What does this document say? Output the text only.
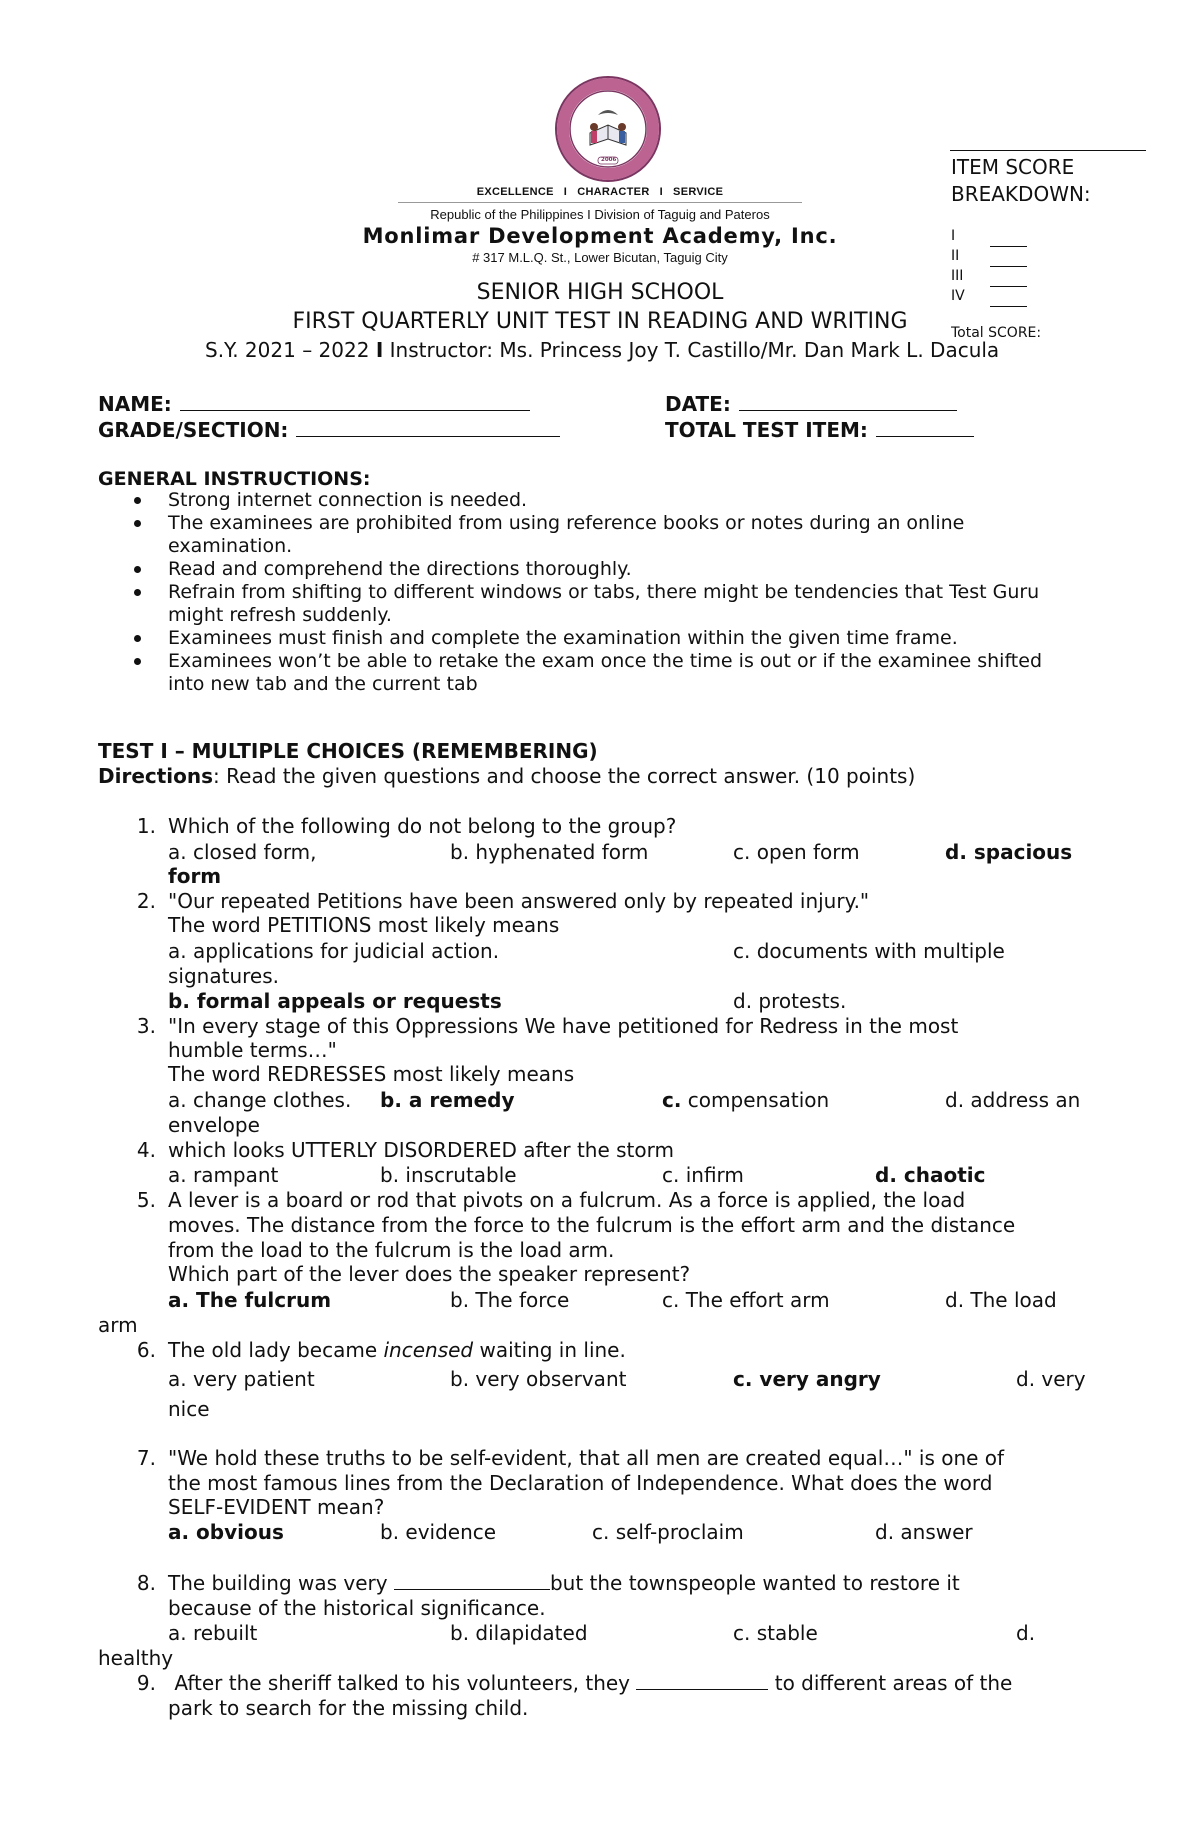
2006
EXCELLENCE   I   CHARACTER   I   SERVICE
Republic of the Philippines I Division of Taguig and Pateros
Monlimar Development Academy, Inc.
# 317 M.L.Q. St., Lower Bicutan, Taguig City
SENIOR HIGH SCHOOL
FIRST QUARTERLY UNIT TEST IN READING AND WRITING
S.Y. 2021 – 2022 I Instructor: Ms. Princess Joy T. Castillo/Mr. Dan Mark L. Dacula
ITEM SCORE
BREAKDOWN:
I
II
III
IV
Total SCORE:
NAME:	DATE:
GRADE/SECTION:	TOTAL TEST ITEM:
GENERAL INSTRUCTIONS:
Strong internet connection is needed.
The examinees are prohibited from using reference books or notes during an online
examination.
Read and comprehend the directions thoroughly.
Refrain from shifting to different windows or tabs, there might be tendencies that Test Guru
might refresh suddenly.
Examinees must finish and complete the examination within the given time frame.
Examinees won’t be able to retake the exam once the time is out or if the examinee shifted
into new tab and the current tab
TEST I – MULTIPLE CHOICES (REMEMBERING)
Directions: Read the given questions and choose the correct answer. (10 points)
1. Which of the following do not belong to the group?
a. closed form,	b. hyphenated form	c. open form	d. spacious
form
2. "Our repeated Petitions have been answered only by repeated injury."
The word PETITIONS most likely means
a. applications for judicial action.	c. documents with multiple
signatures.
b. formal appeals or requests	d. protests.
3. "In every stage of this Oppressions We have petitioned for Redress in the most
humble terms…"
The word REDRESSES most likely means
a. change clothes. b. a remedy	c. compensation	d. address an
envelope
4. which looks UTTERLY DISORDERED after the storm
a. rampant	b. inscrutable	c. infirm	d. chaotic
5. A lever is a board or rod that pivots on a fulcrum. As a force is applied, the load
moves. The distance from the force to the fulcrum is the effort arm and the distance
from the load to the fulcrum is the load arm.
Which part of the lever does the speaker represent?
a. The fulcrum	b. The force	c. The effort arm	d. The load
arm
6. The old lady became incensed waiting in line.
a. very patient	b. very observant	c. very angry	d. very
nice
7. "We hold these truths to be self-evident, that all men are created equal…" is one of
the most famous lines from the Declaration of Independence. What does the word
SELF-EVIDENT mean?
a. obvious	b. evidence	c. self-proclaim	d. answer
8. The building was very	but the townspeople wanted to restore it
because of the historical significance.
a. rebuilt	b. dilapidated	c. stable	d.
healthy
9. After the sheriff talked to his volunteers, they	to different areas of the
park to search for the missing child.
